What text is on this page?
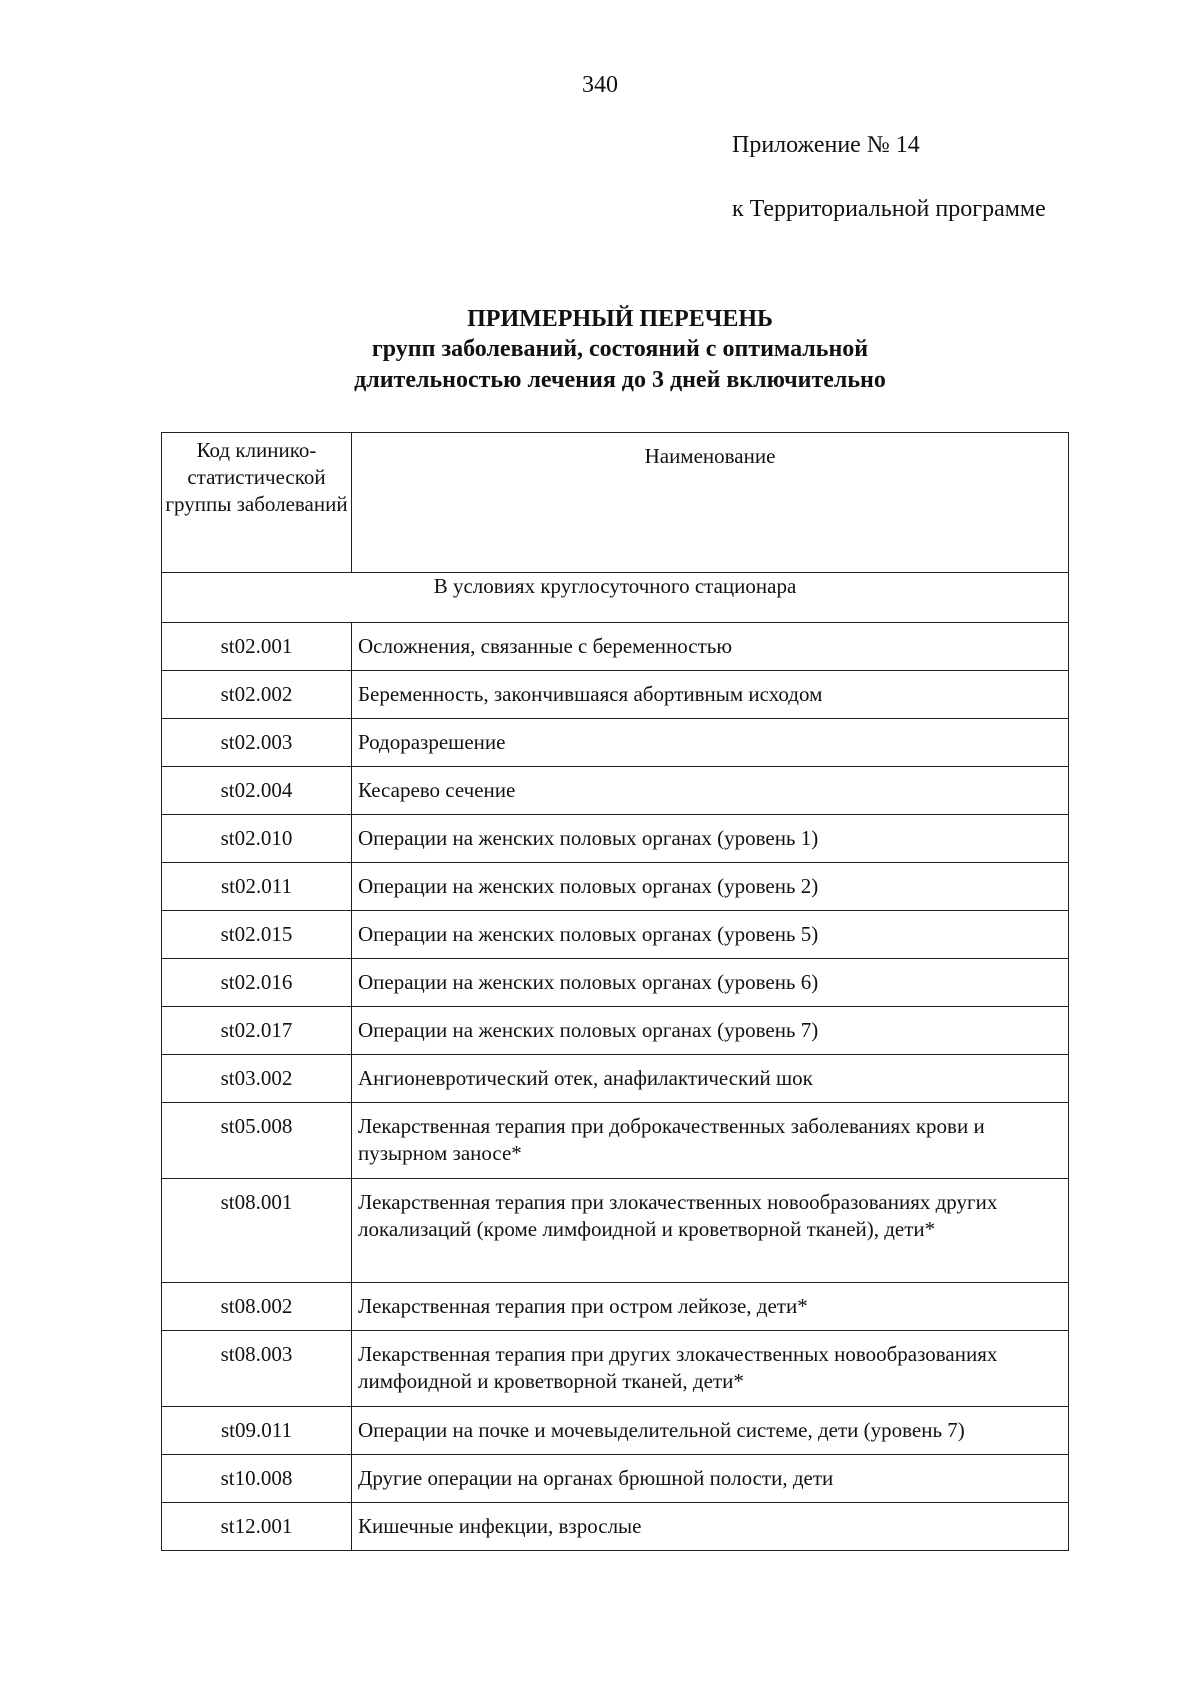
340
Приложение № 14
к Территориальной программе
ПРИМЕРНЫЙ ПЕРЕЧЕНЬ
групп заболеваний, состояний с оптимальной
длительностью лечения до 3 дней включительно
Код клинико-статистической группы заболеваний	Наименование
В условиях круглосуточного стационара	
st02.001	Осложнения, связанные с беременностью
st02.002	Беременность, закончившаяся абортивным исходом
st02.003	Родоразрешение
st02.004	Кесарево сечение
st02.010	Операции на женских половых органах (уровень 1)
st02.011	Операции на женских половых органах (уровень 2)
st02.015	Операции на женских половых органах (уровень 5)
st02.016	Операции на женских половых органах (уровень 6)
st02.017	Операции на женских половых органах (уровень 7)
st03.002	Ангионевротический отек, анафилактический шок
st05.008	Лекарственная терапия при доброкачественных заболеваниях крови и пузырном заносе*
st08.001	Лекарственная терапия при злокачественных новообразованиях других локализаций (кроме лимфоидной и кроветворной тканей), дети*
st08.002	Лекарственная терапия при остром лейкозе, дети*
st08.003	Лекарственная терапия при других злокачественных новообразованиях лимфоидной и кроветворной тканей, дети*
st09.011	Операции на почке и мочевыделительной системе, дети (уровень 7)
st10.008	Другие операции на органах брюшной полости, дети
st12.001	Кишечные инфекции, взрослые
